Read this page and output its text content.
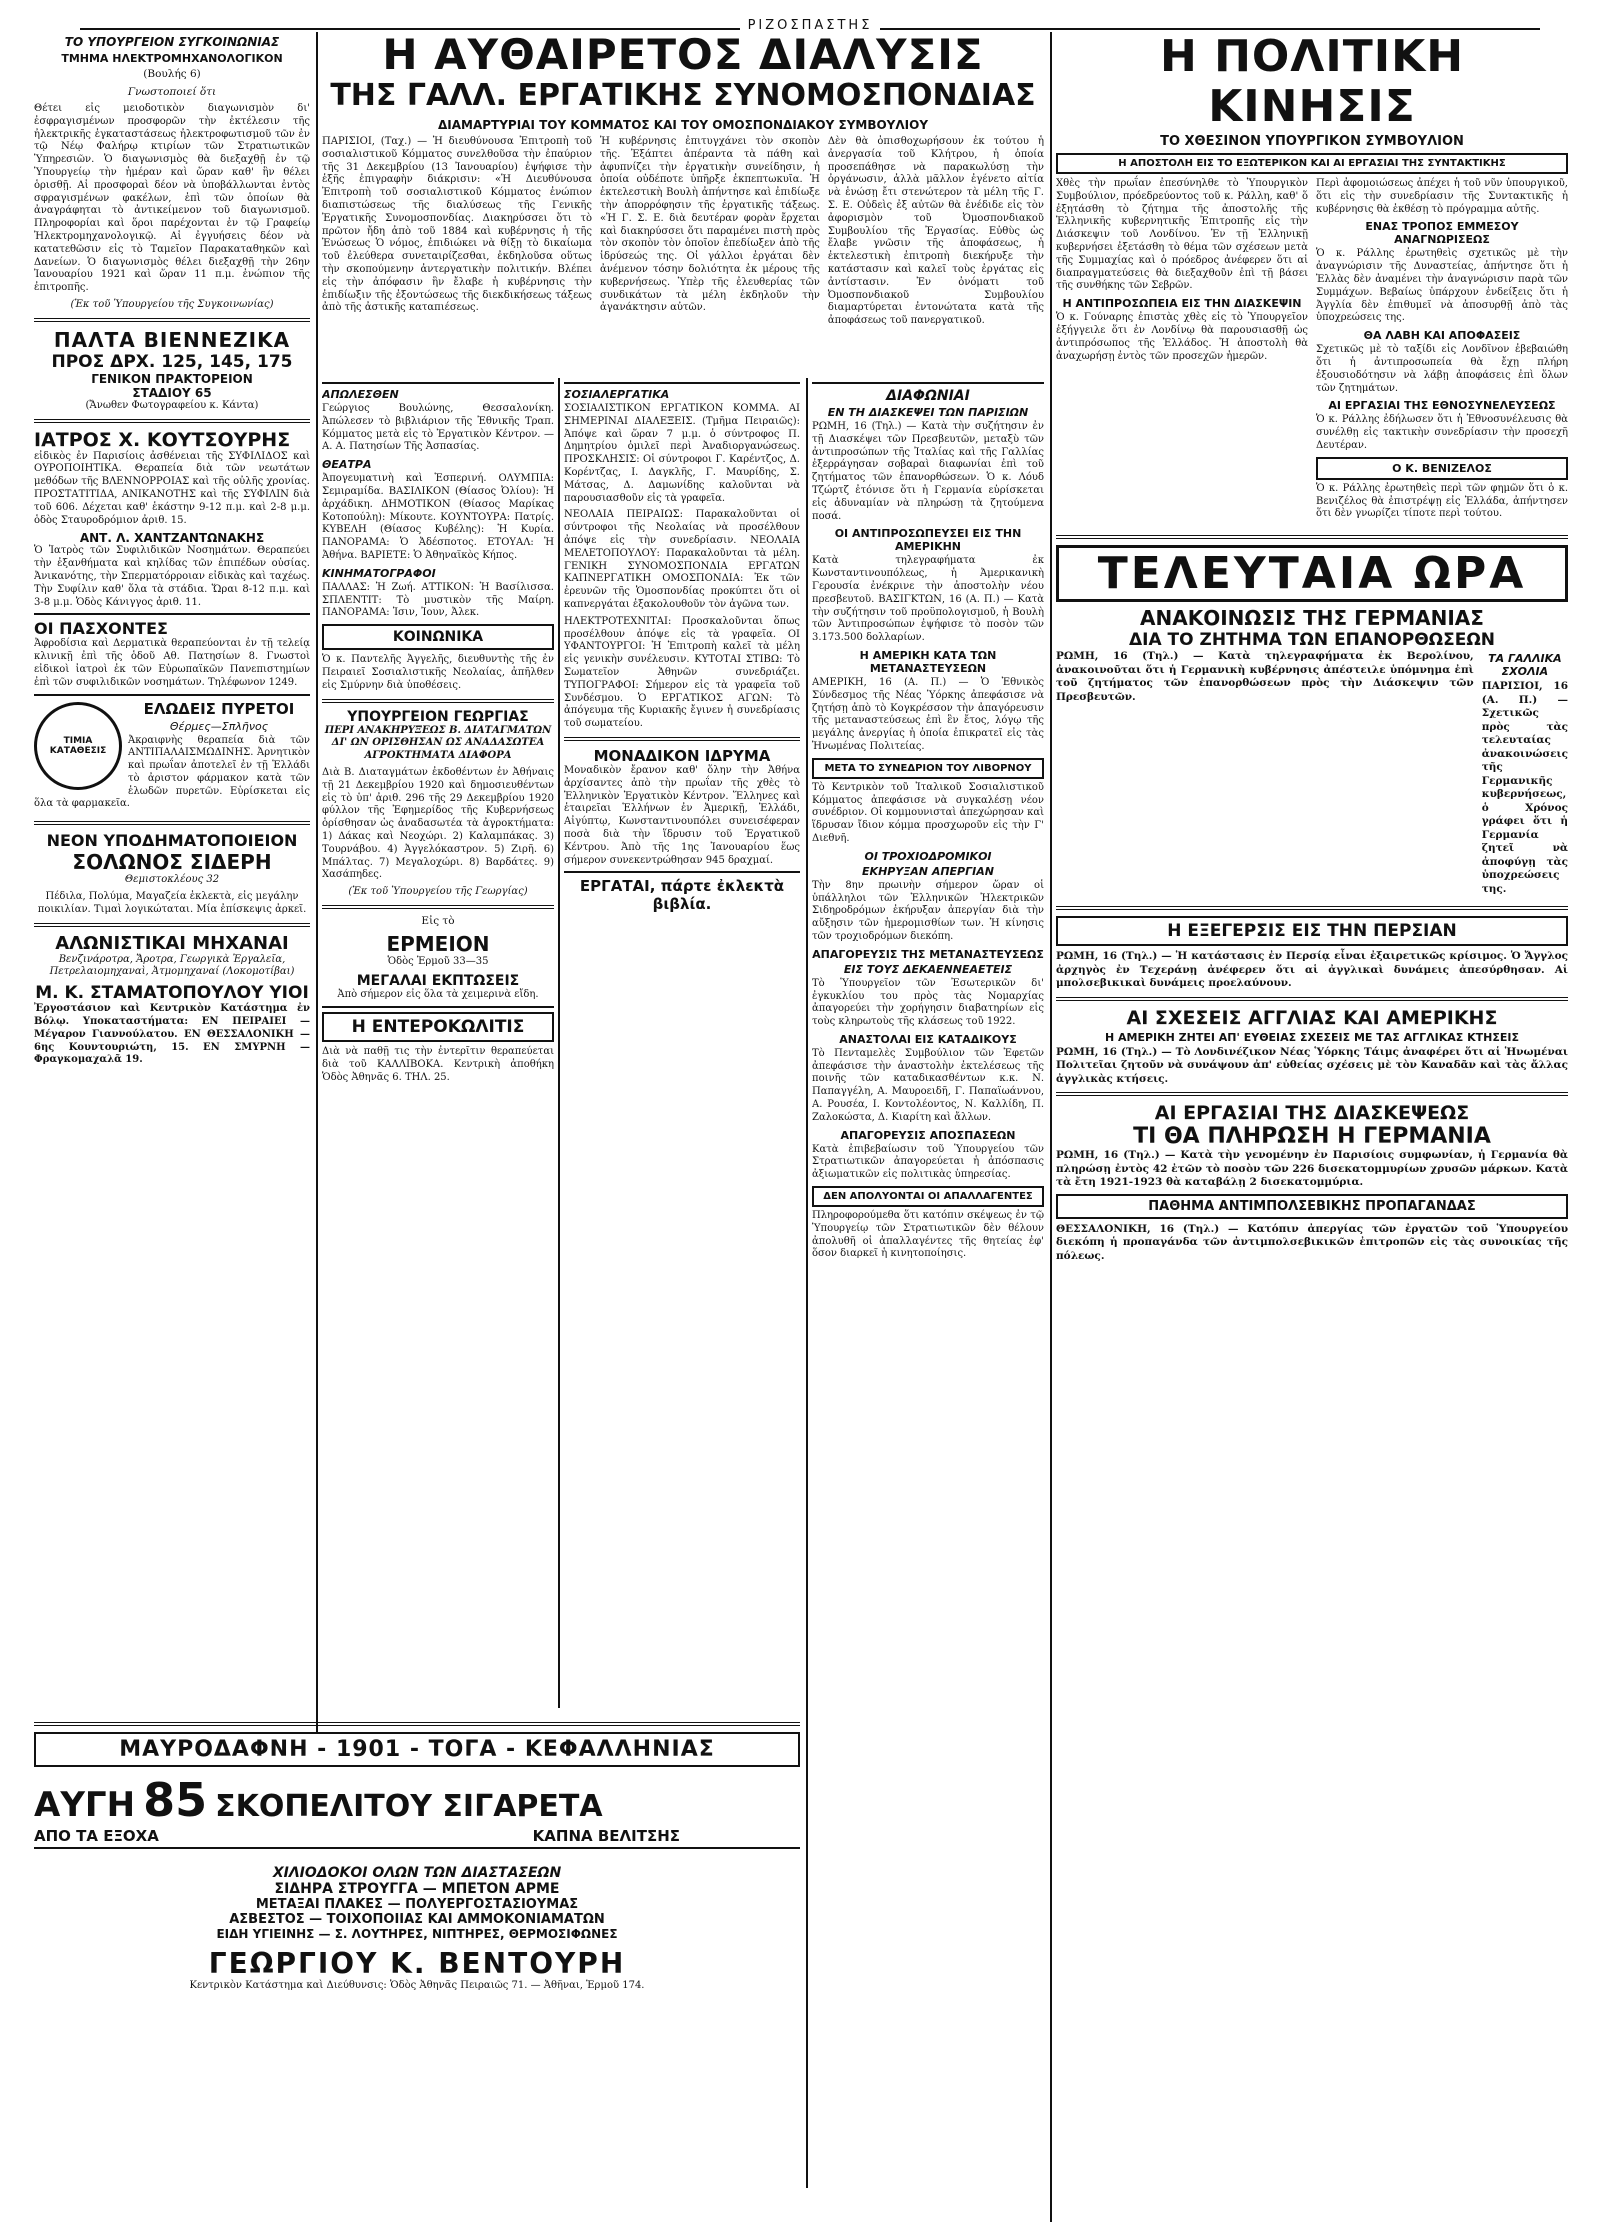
$_{PIZO\Sigma\Pi A\Sigma TH\Sigma}$
ΤΟ ΥΠΟΥΡΓΕΙΟΝ ΣΥΓΚΟΙΝΩΝΙΑΣ
ΤΜΗΜΑ ΗΛΕΚΤΡΟΜΗΧΑΝΟΛΟΓΙΚΟΝ
(Βουλής 6)
Γνωστοποιεί ὅτι

Θέτει εἰς μειοδοτικὸν διαγωνισμὸν δι' ἐσφραγισμένων προσφορῶν τὴν ἐκτέλεσιν τῆς ἠλεκτρικῆς ἐγκαταστάσεως ἠλεκτροφωτισμοῦ τῶν ἐν τῷ Νέῳ Φαλήρῳ κτιρίων τῶν Στρατιωτικῶν Ὑπηρεσιῶν. Ὁ διαγωνισμὸς θὰ διεξαχθῇ ἐν τῷ Ὑπουργείῳ τὴν ἡμέραν καὶ ὥραν καθ' ἣν θέλει ὁρισθῇ. Αἱ προσφοραὶ δέον νὰ ὑποβάλλωνται ἐντὸς σφραγισμένων φακέλων, ἐπὶ τῶν ὁποίων θὰ ἀναγράφηται τὸ ἀντικείμενον τοῦ διαγωνισμοῦ. Πληροφορίαι καὶ ὅροι παρέχονται ἐν τῷ Γραφείῳ Ἠλεκτρομηχανολογικῷ. Αἱ ἐγγυήσεις δέον νὰ κατατεθῶσιν εἰς τὸ Ταμεῖον Παρακαταθηκῶν καὶ Δανείων. Ὁ διαγωνισμὸς θέλει διεξαχθῇ τὴν 26ην Ἰανουαρίου 1921 καὶ ὥραν 11 π.μ. ἐνώπιον τῆς ἐπιτροπῆς.

(Ἐκ τοῦ Ὑπουργείου τῆς Συγκοινωνίας)
ΠΑΛΤΑ ΒΙΕΝΝΕΖΙΚΑ
ΠΡΟΣ ΔΡΧ. 125, 145, 175
ΓΕΝΙΚΟΝ ΠΡΑΚΤΟΡΕΙΟΝ
ΣΤΑΔΙΟΥ 65
(Ἄνωθεν Φωτογραφείου κ. Κάντα)
ΙΑΤΡΟΣ Χ. ΚΟΥΤΣΟΥΡΗΣ

εἰδικὸς ἐν Παρισίοις ἀσθένειαι τῆς ΣΥΦΙΛΙΔΟΣ καὶ ΟΥΡΟΠΟΙΗΤΙΚΑ. Θεραπεία διὰ τῶν νεωτάτων μεθόδων τῆς ΒΛΕΝΝΟΡΡΟΙΑΣ καὶ τῆς οὐλῆς χρονίας. ΠΡΟΣΤΑΤΙΤΙΔΑ, ΑΝΙΚΑΝΟΤΗΣ καὶ τῆς ΣΥΦΙΛΙΝ διὰ τοῦ 606. Δέχεται καθ' ἑκάστην 9-12 π.μ. καὶ 2-8 μ.μ. ὁδὸς Σταυροδρόμιον ἀριθ. 15.

ΑΝΤ. Λ. ΧΑΝΤΖΑΝΤΩΝΑΚΗΣ

Ὁ Ἰατρὸς τῶν Συφιλιδικῶν Νοσημάτων. Θεραπεύει τὴν ἐξανθήματα καὶ κηλίδας τῶν ἐπιπέδων οὐσίας. Ἀνικανότης, τὴν Σπερματόρροιαν εἰδικὰς καὶ ταχέως. Τὴν Συφίλιν καθ' ὅλα τὰ στάδια. Ὥραι 8-12 π.μ. καὶ 3-8 μ.μ. Ὁδὸς Κάνιγγος ἀριθ. 11.

ΟΙ ΠΑΣΧΟΝΤΕΣ

Ἀφροδίσια καὶ Δερματικὰ θεραπεύονται ἐν τῇ τελείᾳ κλινικῇ ἐπὶ τῆς ὁδοῦ Αθ. Πατησίων 8. Γνωστοὶ εἰδικοὶ ἰατροὶ ἐκ τῶν Εὐρωπαϊκῶν Πανεπιστημίων ἐπὶ τῶν συφιλιδικῶν νοσημάτων. Τηλέφωνον 1249.

ΤΙΜΙΑ ΚΑΤΑΘΕΣΙΣ
ΕΛΩΔΕΙΣ ΠΥΡΕΤΟΙ
Θέρμες—Σπλῆνος

Ἀκραιφνὴς θεραπεία διὰ τῶν ΑΝΤΙΠΑΛΑΙΣΜΩΔΙΝΗΣ. Ἀρνητικὸν καὶ πρωΐαν ἀποτελεῖ ἐν τῇ Ἑλλάδι τὸ ἀριστον φάρμακον κατὰ τῶν ἑλωδῶν πυρετῶν. Εὑρίσκεται εἰς ὅλα τὰ φαρμακεῖα.

ΝΕΟΝ ΥΠΟΔΗΜΑΤΟΠΟΙΕΙΟΝ
ΣΟΛΩΝΟΣ ΣΙΔΕΡΗ
Θεμιστοκλέους 32

Πέδιλα, Πολύμα, Μαγαζεία ἐκλεκτὰ, εἰς μεγάλην ποικιλίαν. Τιμαὶ λογικώταται. Μία ἐπίσκεψις ἀρκεῖ.

ΑΛΩΝΙΣΤΙΚΑΙ ΜΗΧΑΝΑΙ

Βενζινάροτρα, Ἄροτρα, Γεωργικὰ Ἐργαλεῖα, Πετρελαιομηχαναὶ, Ἀτμομηχαναί (Λοκομοτίβαι)

Μ. Κ. ΣΤΑΜΑΤΟΠΟΥΛΟΥ ΥΙΟΙ

Ἐργοστάσιον καὶ Κεντρικὸν Κατάστημα ἐν Βόλῳ. Υποκαταστήματα: ΕΝ ΠΕΙΡΑΙΕΙ — Μέγαρον Γιαννούλατου. ΕΝ ΘΕΣΣΑΛΟΝΙΚΗ — 6ης Κουντουριώτη, 15. ΕΝ ΣΜΥΡΝΗ — Φραγκομαχαλᾶ 19.

Η ΑΥΘΑΙΡΕΤΟΣ ΔΙΑΛΥΣΙΣ
ΤΗΣ ΓΑΛΛ. ΕΡΓΑΤΙΚΗΣ ΣΥΝΟΜΟΣΠΟΝΔΙΑΣ
ΔΙΑΜΑΡΤΥΡΙΑΙ ΤΟΥ ΚΟΜΜΑΤΟΣ ΚΑΙ ΤΟΥ ΟΜΟΣΠΟΝΔΙΑΚΟΥ ΣΥΜΒΟΥΛΙΟΥ

ΠΑΡΙΣΙΟΙ, (Ταχ.) — Ἡ διευθύνουσα Ἐπιτροπὴ τοῦ σοσιαλιστικοῦ Κόμματος συνελθοῦσα τὴν ἐπαύριον τῆς 31 Δεκεμβρίου (13 Ἰανουαρίου) ἐψήφισε τὴν ἑξῆς ἐπιγραφὴν διάκρισιν: «Ἡ Διευθύνουσα Ἐπιτροπὴ τοῦ σοσιαλιστικοῦ Κόμματος ἐνώπιον διαπιστώσεως τῆς διαλύσεως τῆς Γενικῆς Ἐργατικῆς Συνομοσπονδίας. Διακηρύσσει ὅτι τὸ πρῶτον ἤδη ἀπὸ τοῦ 1884 καὶ κυβέρνησις ἡ τῆς Ἑνώσεως Ὁ νόμος, ἐπιδιώκει νὰ θίξῃ τὸ δικαίωμα τοῦ ἐλεύθερα συνεταιρίζεσθαι, ἐκδηλοῦσα οὕτως τὴν σκοπούμενην ἀντεργατικὴν πολιτικήν. Βλέπει εἰς τὴν ἀπόφασιν ἣν ἔλαβε ἡ κυβέρνησις τὴν ἐπιδίωξιν τῆς ἐξοντώσεως τῆς διεκδικήσεως τάξεως ἀπὸ τῆς ἀστικῆς καταπιέσεως.

Ἡ κυβέρνησις ἐπιτυγχάνει τὸν σκοπὸν τῆς. Ἐξάπτει ἀπέραντα τὰ πάθη καὶ ἀφυπνίζει τὴν ἐργατικὴν συνείδησιν, ἡ ὁποία οὐδέποτε ὑπῆρξε ἐκπεπτωκυῖα. Ἡ ἐκτελεστικὴ Βουλὴ ἀπήντησε καὶ ἐπιδίωξε τὴν ἀπορρόφησιν τῆς ἐργατικῆς τάξεως. «Ἡ Γ. Σ. Ε. διὰ δευτέραν φορὰν ἔρχεται καὶ διακηρύσσει ὅτι παραμένει πιστὴ πρὸς τὸν σκοπὸν τὸν ὁποῖον ἐπεδίωξεν ἀπὸ τῆς ἱδρύσεώς της. Οἱ γάλλοι ἐργάται δὲν ἀνέμενον τόσην δολιότητα ἐκ μέρους τῆς κυβερνήσεως. Ὑπὲρ τῆς ἐλευθερίας τῶν συνδικάτων τὰ μέλη ἐκδηλοῦν τὴν ἀγανάκτησιν αὐτῶν.

Δὲν θὰ ὀπισθοχωρήσουν ἐκ τούτου ἡ ἀνεργασία τοῦ Κλήτρου, ἡ ὁποία προσεπάθησε νὰ παρακωλύσῃ τὴν ὀργάνωσιν, ἀλλὰ μᾶλλον ἐγένετο αἰτία νὰ ἑνώσῃ ἔτι στενώτερον τὰ μέλη τῆς Γ. Σ. Ε. Οὐδεὶς ἐξ αὐτῶν θὰ ἐνέδιδε εἰς τὸν ἀφορισμὸν τοῦ Ὀμοσπονδιακοῦ Συμβουλίου τῆς Ἐργασίας. Εὐθὺς ὡς ἔλαβε γνῶσιν τῆς ἀποφάσεως, ἡ ἐκτελεστικὴ ἐπιτροπὴ διεκήρυξε τὴν κατάστασιν καὶ καλεῖ τοὺς ἐργάτας εἰς ἀντίστασιν. Ἐν ὀνόματι τοῦ Ὀμοσπονδιακοῦ Συμβουλίου διαμαρτύρεται ἐντονώτατα κατὰ τῆς ἀποφάσεως τοῦ πανεργατικοῦ.

ΑΠΩΛΕΣΘΕΝ

Γεώργιος Βουλώνης, Θεσσαλονίκη. Ἀπώλεσεν τὸ βιβλιάριον τῆς Ἐθνικῆς Τραπ. Κόμματος μετὰ εἰς τὸ Ἐργατικὸν Κέντρον. — Α. Α. Πατησίων Τῆς Ἀσπασίας.

ΘΕΑΤΡΑ

Ἀπογευματινὴ καὶ Ἑσπερινή. ΟΛΥΜΠΙΑ: Σεμιραμίδα. ΒΑΣΙΛΙΚΟΝ (Θίασος Ὀλίου): Ἡ ἀρχάδικη. ΔΗΜΟΤΙΚΟΝ (Θίασος Μαρίκας Κοτοπούλη): Μίκουτε. ΚΟΥΝΤΟΥΡΑ: Πατρίς. ΚΥΒΕΛΗ (Θίασος Κυβέλης): Ἡ Κυρία. ΠΑΝΟΡΑΜΑ: Ὁ Ἀδέσποτος. ΕΤΟΥΑΛ: Ἡ Ἀθήνα. ΒΑΡΙΕΤΕ: Ὁ Ἀθηναϊκὸς Κήπος.

ΚΙΝΗΜΑΤΟΓΡΑΦΟΙ

ΠΑΛΛΑΣ: Ἡ Ζωή. ΑΤΤΙΚΟΝ: Ἡ Βασίλισσα. ΣΠΛΕΝΤΙΤ: Τὸ μυστικὸν τῆς Μαίρη. ΠΑΝΟΡΑΜΑ: Ἰσιν, Ἰουν, Ἀλεκ.

ΚΟΙΝΩΝΙΚΑ

Ὁ κ. Παντελῆς Ἀγγελῆς, διευθυντὴς τῆς ἐν Πειραιεῖ Σοσιαλιστικῆς Νεολαίας, ἀπῆλθεν εἰς Σμύρνην διὰ ὑποθέσεις.

ΥΠΟΥΡΓΕΙΟΝ ΓΕΩΡΓΙΑΣ
ΠΕΡΙ ΑΝΑΚΗΡΥΞΕΩΣ Β. ΔΙΑΤΑΓΜΑΤΩΝ ΔΙ' ΩΝ ΟΡΙΣΘΗΣΑΝ ΩΣ ΑΝΑΔΑΣΩΤΕΑ ΑΓΡΟΚΤΗΜΑΤΑ ΔΙΑΦΟΡΑ

Διὰ Β. Διαταγμάτων ἐκδοθέντων ἐν Ἀθήναις τῇ 21 Δεκεμβρίου 1920 καὶ δημοσιευθέντων εἰς τὸ ὑπ' ἀριθ. 296 τῆς 29 Δεκεμβρίου 1920 φύλλον τῆς Ἐφημερίδος τῆς Κυβερνήσεως ὁρίσθησαν ὡς ἀναδασωτέα τὰ ἀγροκτήματα: 1) Δάκας καὶ Νεοχώρι. 2) Καλαμπάκας. 3) Τουρνάβου. 4) Ἀγγελόκαστρον. 5) Ζιρῆ. 6) Μπάλτας. 7) Μεγαλοχώρι. 8) Βαρδάτες. 9) Χασάπηδες.

(Ἐκ τοῦ Ὑπουργείου τῆς Γεωργίας)
Εἰς τὸ
ΕΡΜΕΙΟΝ
Ὁδὸς Ἑρμοῦ 33—35
ΜΕΓΑΛΑΙ ΕΚΠΤΩΣΕΙΣ
Ἀπὸ σήμερον εἰς ὅλα τὰ χειμερινὰ εἴδη.
Η ΕΝΤΕΡΟΚΩΛΙΤΙΣ

Διὰ νὰ παθῇ τις τὴν ἐντερῖτιν θεραπεύεται διὰ τοῦ ΚΑΛΛΙΒΟΚΑ. Κεντρικὴ ἀποθήκη Ὁδὸς Ἀθηνᾶς 6. ΤΗΛ. 25.

ΣΟΣΙΑΛΕΡΓΑΤΙΚΑ

ΣΟΣΙΑΛΙΣΤΙΚΟΝ ΕΡΓΑΤΙΚΟΝ ΚΟΜΜΑ. ΑΙ ΣΗΜΕΡΙΝΑΙ ΔΙΑΛΕΞΕΙΣ. (Τμῆμα Πειραιῶς): Ἀπόψε καὶ ὥραν 7 μ.μ. ὁ σύντροφος Π. Δημητρίου ὁμιλεῖ περὶ Ἀναδιοργανώσεως. ΠΡΟΣΚΛΗΣΙΣ: Οἱ σύντροφοι Γ. Καρέντζος, Δ. Κορέντζας, Ι. Δαγκλῆς, Γ. Μαυρίδης, Σ. Μάτσας, Δ. Δαμωνίδης καλοῦνται νὰ παρουσιασθοῦν εἰς τὰ γραφεῖα.

ΝΕΟΛΑΙΑ ΠΕΙΡΑΙΩΣ: Παρακαλοῦνται οἱ σύντροφοι τῆς Νεολαίας νὰ προσέλθουν ἀπόψε εἰς τὴν συνεδρίασιν. ΝΕΟΛΑΙΑ ΜΕΛΕΤΟΠΟΥΛΟΥ: Παρακαλοῦνται τὰ μέλη. ΓΕΝΙΚΗ ΣΥΝΟΜΟΣΠΟΝΔΙΑ ΕΡΓΑΤΩΝ ΚΑΠΝΕΡΓΑΤΙΚΗ ΟΜΟΣΠΟΝΔΙΑ: Ἐκ τῶν ἐρευνῶν τῆς Ὁμοσπονδίας προκύπτει ὅτι οἱ καπνεργάται ἐξακολουθοῦν τὸν ἀγῶνα των.

ΗΛΕΚΤΡΟΤΕΧΝΙΤΑΙ: Προσκαλοῦνται ὅπως προσέλθουν ἀπόψε εἰς τὰ γραφεῖα. ΟΙ ΥΦΑΝΤΟΥΡΓΟΙ: Ἡ Ἐπιτροπὴ καλεῖ τὰ μέλη εἰς γενικὴν συνέλευσιν. ΚΥΤΟΤΑΙ ΣΤΙΒΩ: Τὸ Σωματεῖον Ἀθηνῶν συνεδριάζει. ΤΥΠΟΓΡΑΦΟΙ: Σήμερον εἰς τὰ γραφεῖα τοῦ Συνδέσμου. Ὁ ΕΡΓΑΤΙΚΟΣ ΑΓΩΝ: Τὸ ἀπόγευμα τῆς Κυριακῆς ἔγινεν ἡ συνεδρίασις τοῦ σωματείου.

ΜΟΝΑΔΙΚΟΝ ΙΔΡΥΜΑ

Μοναδικὸν ἔρανον καθ' ὅλην τὴν Ἀθήνα ἀρχίσαντες ἀπὸ τὴν πρωΐαν τῆς χθὲς τὸ Ἑλληνικὸν Ἐργατικὸν Κέντρον. Ἕλληνες καὶ ἑταιρεῖαι Ἑλλήνων ἐν Ἀμερικῇ, Ἑλλάδι, Αἰγύπτῳ, Κωνσταντινουπόλει συνεισέφεραν ποσὰ διὰ τὴν ἵδρυσιν τοῦ Ἐργατικοῦ Κέντρου. Ἀπὸ τῆς 1ης Ἰανουαρίου ἕως σήμερον συνεκεντρώθησαν 945 δραχμαί.

ΕΡΓΑΤΑΙ, πάρτε ἐκλεκτὰ βιβλία.
ΔΙΑΦΩΝΙΑΙ
ΕΝ ΤΗ ΔΙΑΣΚΕΨΕΙ ΤΩΝ ΠΑΡΙΣΙΩΝ

ΡΩΜΗ, 16 (Τηλ.) — Κατὰ τὴν συζήτησιν ἐν τῇ Διασκέψει τῶν Πρεσβευτῶν, μεταξὺ τῶν ἀντιπροσώπων τῆς Ἰταλίας καὶ τῆς Γαλλίας ἐξερράγησαν σοβαραὶ διαφωνίαι ἐπὶ τοῦ ζητήματος τῶν ἐπανορθώσεων. Ὁ κ. Λόυδ Τζώρτζ ἐτόνισε ὅτι ἡ Γερμανία εὑρίσκεται εἰς ἀδυναμίαν νὰ πληρώσῃ τὰ ζητούμενα ποσά.

ΟΙ ΑΝΤΙΠΡΟΣΩΠΕΥΣΕΙ ΕΙΣ ΤΗΝ ΑΜΕΡΙΚΗΝ

Κατὰ τηλεγραφήματα ἐκ Κωνσταντινουπόλεως, ἡ Ἀμερικανικὴ Γερουσία ἐνέκρινε τὴν ἀποστολὴν νέου πρεσβευτοῦ. ΒΑΣΙΓΚΤΩΝ, 16 (Α. Π.) — Κατὰ τὴν συζήτησιν τοῦ προϋπολογισμοῦ, ἡ Βουλὴ τῶν Ἀντιπροσώπων ἐψήφισε τὸ ποσὸν τῶν 3.173.500 δολλαρίων.

Η ΑΜΕΡΙΚΗ ΚΑΤΑ ΤΩΝ ΜΕΤΑΝΑΣΤΕΥΣΕΩΝ

ΑΜΕΡΙΚΗ, 16 (Α. Π.) — Ὁ Ἐθνικὸς Σύνδεσμος τῆς Νέας Ὑόρκης ἀπεφάσισε νὰ ζητήσῃ ἀπὸ τὸ Κογκρέσσον τὴν ἀπαγόρευσιν τῆς μεταναστεύσεως ἐπὶ ἓν ἔτος, λόγῳ τῆς μεγάλης ἀνεργίας ἡ ὁποία ἐπικρατεῖ εἰς τὰς Ἡνωμένας Πολιτείας.

ΜΕΤΑ ΤΟ ΣΥΝΕΔΡΙΟΝ ΤΟΥ ΛΙΒΟΡΝΟΥ

Τὸ Κεντρικὸν τοῦ Ἰταλικοῦ Σοσιαλιστικοῦ Κόμματος ἀπεφάσισε νὰ συγκαλέσῃ νέον συνέδριον. Οἱ κομμουνισταὶ ἀπεχώρησαν καὶ ἵδρυσαν ἴδιον κόμμα προσχωροῦν εἰς τὴν Γ' Διεθνῆ.

ΟΙ ΤΡΟΧΙΟΔΡΟΜΙΚΟΙ
ΕΚΗΡΥΞΑΝ ΑΠΕΡΓΙΑΝ

Τὴν 8ην πρωινὴν σήμερον ὥραν οἱ ὑπάλληλοι τῶν Ἑλληνικῶν Ἠλεκτρικῶν Σιδηροδρόμων ἐκήρυξαν ἀπεργίαν διὰ τὴν αὔξησιν τῶν ἡμερομισθίων των. Ἡ κίνησις τῶν τροχιοδρόμων διεκόπη.

ΑΠΑΓΟΡΕΥΣΙΣ ΤΗΣ ΜΕΤΑΝΑΣΤΕΥΣΕΩΣ
ΕΙΣ ΤΟΥΣ ΔΕΚΑΕΝΝΕΑΕΤΕΙΣ

Τὸ Ὑπουργεῖον τῶν Ἐσωτερικῶν δι' ἐγκυκλίου του πρὸς τὰς Νομαρχίας ἀπαγορεύει τὴν χορήγησιν διαβατηρίων εἰς τοὺς κληρωτοὺς τῆς κλάσεως τοῦ 1922.

ΑΝΑΣΤΟΛΑΙ ΕΙΣ ΚΑΤΑΔΙΚΟΥΣ

Τὸ Πενταμελὲς Συμβούλιον τῶν Ἐφετῶν ἀπεφάσισε τὴν ἀναστολὴν ἐκτελέσεως τῆς ποινῆς τῶν καταδικασθέντων κ.κ. Ν. Παπαγγέλη, Α. Μαυροειδῆ, Γ. Παπαϊωάννου, Α. Ρουσέα, Ι. Κοντολέοντος, Ν. Καλλίδη, Π. Ζαλοκώστα, Δ. Κιαρίτη καὶ ἄλλων.

ΑΠΑΓΟΡΕΥΣΙΣ ΑΠΟΣΠΑΣΕΩΝ

Κατὰ ἐπιβεβαίωσιν τοῦ Ὑπουργείου τῶν Στρατιωτικῶν ἀπαγορεύεται ἡ ἀπόσπασις ἀξιωματικῶν εἰς πολιτικὰς ὑπηρεσίας.

ΔΕΝ ΑΠΟΛΥΟΝΤΑΙ ΟΙ ΑΠΑΛΛΑΓΕΝΤΕΣ

Πληροφορούμεθα ὅτι κατόπιν σκέψεως ἐν τῷ Ὑπουργείῳ τῶν Στρατιωτικῶν δὲν θέλουν ἀπολυθῆ οἱ ἀπαλλαγέντες τῆς θητείας ἐφ' ὅσον διαρκεῖ ἡ κινητοποίησις.

ΜΑΥΡΟΔΑΦΝΗ - 1901 - ΤΟΓΑ - ΚΕΦΑΛΛΗΝΙΑΣ
ΑΥΓΗ 85 ΣΚΟΠΕΛΙΤΟΥ ΣΙΓΑΡΕΤΑ
ΑΠΟ ΤΑ ΕΞΟΧΑ	ΚΑΠΝΑ ΒΕΛΙΤΣΗΣ
ΧΙΛΙΟΔΟΚΟΙ ΟΛΩΝ ΤΩΝ ΔΙΑΣΤΑΣΕΩΝ
ΣΙΔΗΡΑ ΣΤΡΟΥΓΓΑ — ΜΠΕΤΟΝ ΑΡΜΕ
ΜΕΤΑΞΑΙ ΠΛΑΚΕΣ — ΠΟΛΥΕΡΓΟΣΤΑΣΙΟΥΜΑΣ
ΑΣΒΕΣΤΟΣ — ΤΟΙΧΟΠΟΙΙΑΣ ΚΑΙ ΑΜΜΟΚΟΝΙΑΜΑΤΩΝ
ΕΙΔΗ ΥΓΙΕΙΝΗΣ — Σ. ΛΟΥΤΗΡΕΣ, ΝΙΠΤΗΡΕΣ, ΘΕΡΜΟΣΙΦΩΝΕΣ
ΓΕΩΡΓΙΟΥ Κ. ΒΕΝΤΟΥΡΗ
Κεντρικὸν Κατάστημα καὶ Διεύθυνσις: Ὁδὸς Ἀθηνᾶς Πειραιῶς 71. — Ἀθῆναι, Ἑρμοῦ 174.
Η ΠΟΛΙΤΙΚΗ ΚΙΝΗΣΙΣ
ΤΟ ΧΘΕΣΙΝΟΝ ΥΠΟΥΡΓΙΚΟΝ ΣΥΜΒΟΥΛΙΟΝ
Η ΑΠΟΣΤΟΛΗ ΕΙΣ ΤΟ ΕΞΩΤΕΡΙΚΟΝ ΚΑΙ ΑΙ ΕΡΓΑΣΙΑΙ ΤΗΣ ΣΥΝΤΑΚΤΙΚΗΣ

Χθὲς τὴν πρωΐαν ἐπεσύνηλθε τὸ Ὑπουργικὸν Συμβούλιον, πρόεδρεύοντος τοῦ κ. Ράλλη, καθ' ὅ ἐξητάσθη τὸ ζήτημα τῆς ἀποστολῆς τῆς Ἑλληνικῆς κυβερνητικῆς Ἐπιτροπῆς εἰς τὴν Διάσκεψιν τοῦ Λονδίνου. Ἐν τῇ Ἑλληνικῇ κυβερνήσει ἐξετάσθη τὸ θέμα τῶν σχέσεων μετὰ τῆς Συμμαχίας καὶ ὁ πρόεδρος ἀνέφερεν ὅτι αἱ διαπραγματεύσεις θὰ διεξαχθοῦν ἐπὶ τῇ βάσει τῆς συνθήκης τῶν Σεβρῶν.

Η ΑΝΤΙΠΡΟΣΩΠΕΙΑ ΕΙΣ ΤΗΝ ΔΙΑΣΚΕΨΙΝ

Ὁ κ. Γούναρης ἐπιστὰς χθὲς εἰς τὸ Ὑπουργεῖον ἐξήγγειλε ὅτι ἐν Λονδίνῳ θὰ παρουσιασθῇ ὡς ἀντιπρόσωπος τῆς Ἑλλάδος. Ἡ ἀποστολὴ θὰ ἀναχωρήσῃ ἐντὸς τῶν προσεχῶν ἡμερῶν.

Περὶ ἀφομοιώσεως ἀπέχει ἡ τοῦ νῦν ὑπουργικοῦ, ὅτι εἰς τὴν συνεδρίασιν τῆς Συντακτικῆς ἡ κυβέρνησις θὰ ἐκθέσῃ τὸ πρόγραμμα αὐτῆς.

ΕΝΑΣ ΤΡΟΠΟΣ ΕΜΜΕΣΟΥ ΑΝΑΓΝΩΡΙΣΕΩΣ

Ὁ κ. Ράλλης ἐρωτηθεὶς σχετικῶς μὲ τὴν ἀναγνώρισιν τῆς Δυναστείας, ἀπήντησε ὅτι ἡ Ἑλλὰς δὲν ἀναμένει τὴν ἀναγνώρισιν παρὰ τῶν Συμμάχων. Βεβαίως ὑπάρχουν ἐνδείξεις ὅτι ἡ Ἀγγλία δὲν ἐπιθυμεῖ νὰ ἀποσυρθῇ ἀπὸ τὰς ὑποχρεώσεις της.

ΘΑ ΛΑΒΗ ΚΑΙ ΑΠΟΦΑΣΕΙΣ

Σχετικῶς μὲ τὸ ταξίδι εἰς Λονδῖνον ἐβεβαιώθη ὅτι ἡ ἀντιπροσωπεία θὰ ἔχῃ πλήρη ἐξουσιοδότησιν νὰ λάβῃ ἀποφάσεις ἐπὶ ὅλων τῶν ζητημάτων.

ΑΙ ΕΡΓΑΣΙΑΙ ΤΗΣ ΕΘΝΟΣΥΝΕΛΕΥΣΕΩΣ

Ὁ κ. Ράλλης ἐδήλωσεν ὅτι ἡ Ἐθνοσυνέλευσις θὰ συνέλθῃ εἰς τακτικὴν συνεδρίασιν τὴν προσεχῆ Δευτέραν.

Ο Κ. ΒΕΝΙΖΕΛΟΣ

Ὁ κ. Ράλλης ἐρωτηθεὶς περὶ τῶν φημῶν ὅτι ὁ κ. Βενιζέλος θὰ ἐπιστρέψῃ εἰς Ἑλλάδα, ἀπήντησεν ὅτι δὲν γνωρίζει τίποτε περὶ τούτου.

ΤΕΛΕΥΤΑΙΑ ΩΡΑ
ΑΝΑΚΟΙΝΩΣΙΣ ΤΗΣ ΓΕΡΜΑΝΙΑΣ
ΔΙΑ ΤΟ ΖΗΤΗΜΑ ΤΩΝ ΕΠΑΝΟΡΘΩΣΕΩΝ

ΡΩΜΗ, 16 (Τηλ.) — Κατὰ τηλεγραφήματα ἐκ Βερολίνου, ἀνακοινοῦται ὅτι ἡ Γερμανικὴ κυβέρνησις ἀπέστειλε ὑπόμνημα ἐπὶ τοῦ ζητήματος τῶν ἐπανορθώσεων πρὸς τὴν Διάσκεψιν τῶν Πρεσβευτῶν.

ΤΑ ΓΑΛΛΙΚΑ ΣΧΟΛΙΑ

ΠΑΡΙΣΙΟΙ, 16 (Α. Π.) — Σχετικῶς πρὸς τὰς τελευταίας ἀνακοινώσεις τῆς Γερμανικῆς κυβερνήσεως, ὁ Χρόνος γράφει ὅτι ἡ Γερμανία ζητεῖ νὰ ἀποφύγῃ τὰς ὑποχρεώσεις της.

Η ΕΞΕΓΕΡΣΙΣ ΕΙΣ ΤΗΝ ΠΕΡΣΙΑΝ

ΡΩΜΗ, 16 (Τηλ.) — Ἡ κατάστασις ἐν Περσίᾳ εἶναι ἐξαιρετικῶς κρίσιμος. Ὁ Ἄγγλος ἀρχηγὸς ἐν Τεχεράνῃ ἀνέφερεν ὅτι αἱ ἀγγλικαὶ δυνάμεις ἀπεσύρθησαν. Αἱ μπολσεβικικαὶ δυνάμεις προελαύνουν.

ΑΙ ΣΧΕΣΕΙΣ ΑΓΓΛΙΑΣ ΚΑΙ ΑΜΕΡΙΚΗΣ
Η ΑΜΕΡΙΚΗ ΖΗΤΕΙ ΑΠ' ΕΥΘΕΙΑΣ ΣΧΕΣΕΙΣ ΜΕ ΤΑΣ ΑΓΓΛΙΚΑΣ ΚΤΗΣΕΙΣ

ΡΩΜΗ, 16 (Τηλ.) — Τὸ Λονδινέζικον Νέας Ὑόρκης Τάιμς ἀναφέρει ὅτι αἱ Ἡνωμέναι Πολιτεῖαι ζητοῦν νὰ συνάψουν ἀπ' εὐθείας σχέσεις μὲ τὸν Καναδᾶν καὶ τὰς ἄλλας ἀγγλικὰς κτήσεις.

ΑΙ ΕΡΓΑΣΙΑΙ ΤΗΣ ΔΙΑΣΚΕΨΕΩΣ
ΤΙ ΘΑ ΠΛΗΡΩΣΗ Η ΓΕΡΜΑΝΙΑ

ΡΩΜΗ, 16 (Τηλ.) — Κατὰ τὴν γενομένην ἐν Παρισίοις συμφωνίαν, ἡ Γερμανία θὰ πληρώσῃ ἐντὸς 42 ἐτῶν τὸ ποσὸν τῶν 226 δισεκατομμυρίων χρυσῶν μάρκων. Κατὰ τὰ ἔτη 1921-1923 θὰ καταβάλῃ 2 δισεκατομμύρια.

ΠΑΘΗΜΑ ΑΝΤΙΜΠΟΛΣΕΒΙΚΗΣ ΠΡΟΠΑΓΑΝΔΑΣ

ΘΕΣΣΑΛΟΝΙΚΗ, 16 (Τηλ.) — Κατόπιν ἀπεργίας τῶν ἐργατῶν τοῦ Ὑπουργείου διεκόπη ἡ προπαγάνδα τῶν ἀντιμπολσεβικικῶν ἐπιτροπῶν εἰς τὰς συνοικίας τῆς πόλεως.
